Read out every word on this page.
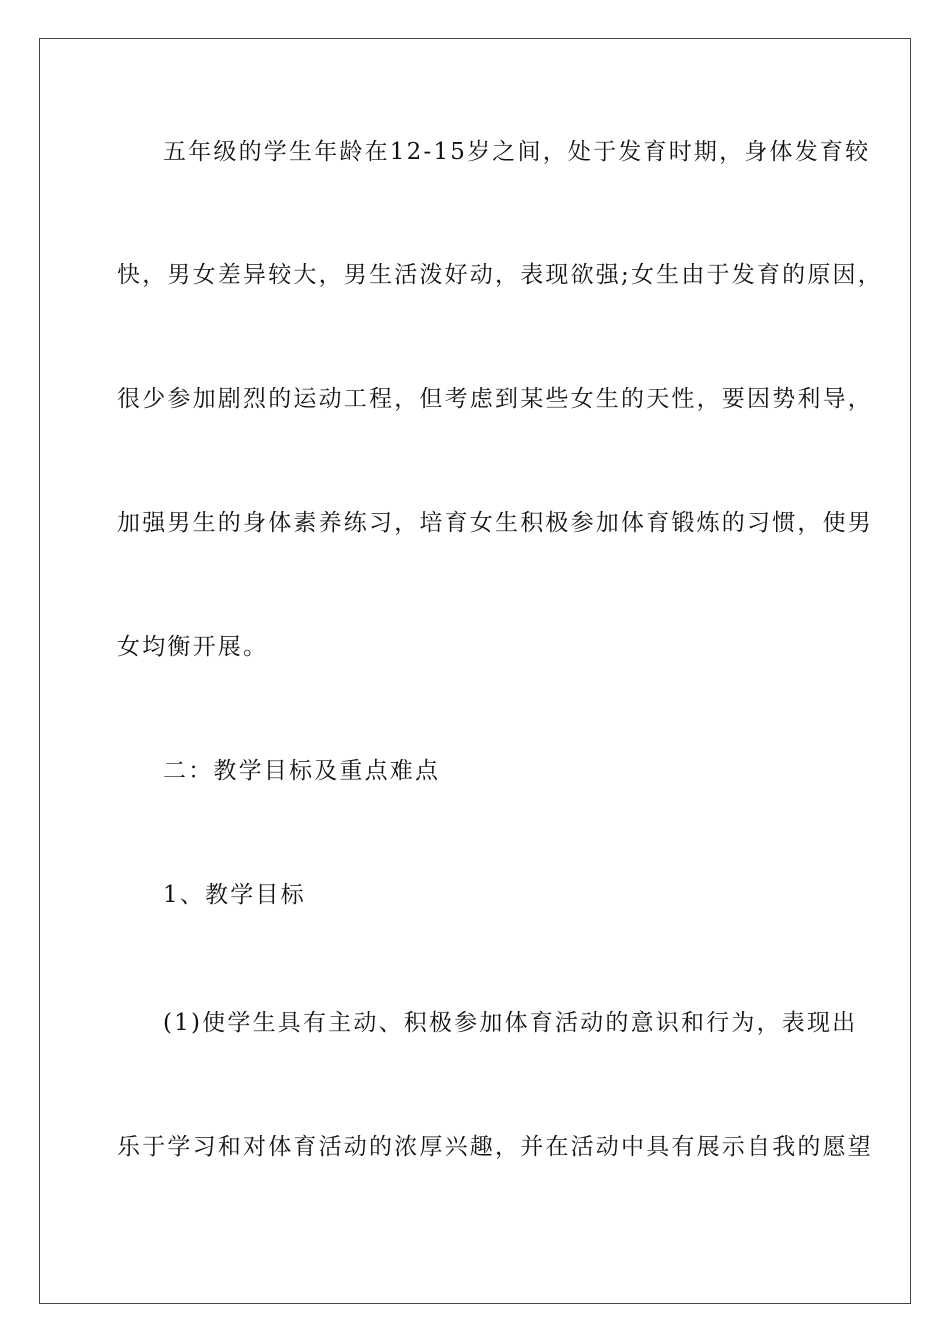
五年级的学生年龄在12-15岁之间，处于发育时期，身体发育较
快，男女差异较大，男生活泼好动，表现欲强;女生由于发育的原因，
很少参加剧烈的运动工程，但考虑到某些女生的天性，要因势利导，
加强男生的身体素养练习，培育女生积极参加体育锻炼的习惯，使男
女均衡开展。
二：教学目标及重点难点
1、教学目标
(1)使学生具有主动、积极参加体育活动的意识和行为，表现出
乐于学习和对体育活动的浓厚兴趣，并在活动中具有展示自我的愿望
